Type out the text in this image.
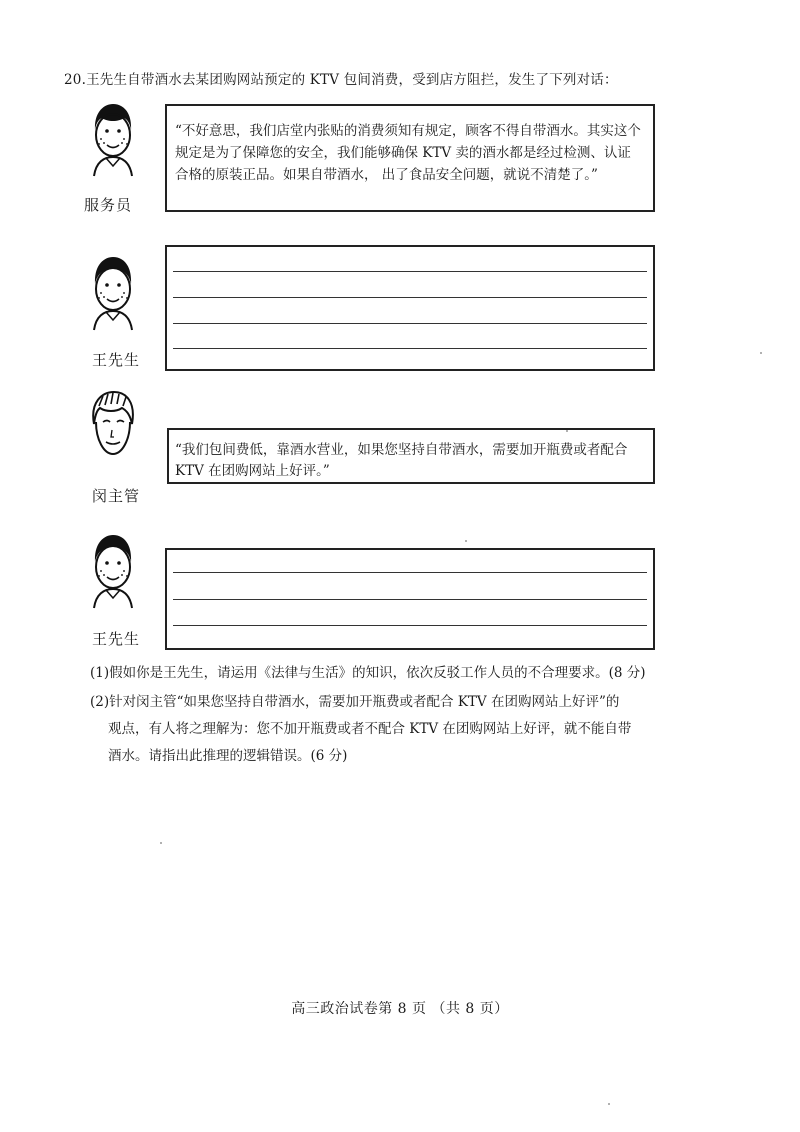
20.王先生自带酒水去某团购网站预定的 KTV 包间消费，受到店方阻拦，发生了下列对话：
服务员
“不好意思，我们店堂内张贴的消费须知有规定，顾客不得自带酒水。其实这个规定是为了保障您的安全，我们能够确保 KTV 卖的酒水都是经过检测、认证合格的原装正品。如果自带酒水， 出了食品安全问题，就说不清楚了。”
王先生
闵主管
“我们包间费低，靠酒水营业，如果您坚持自带酒水，需要加开瓶费或者配合 KTV 在团购网站上好评。”
王先生
(1)假如你是王先生，请运用《法律与生活》的知识，依次反驳工作人员的不合理要求。(8 分)
(2)针对闵主管“如果您坚持自带酒水，需要加开瓶费或者配合 KTV 在团购网站上好评”的
观点，有人将之理解为：您不加开瓶费或者不配合 KTV 在团购网站上好评，就不能自带
酒水。请指出此推理的逻辑错误。(6 分)
高三政治试卷第 8 页 （共 8 页）
